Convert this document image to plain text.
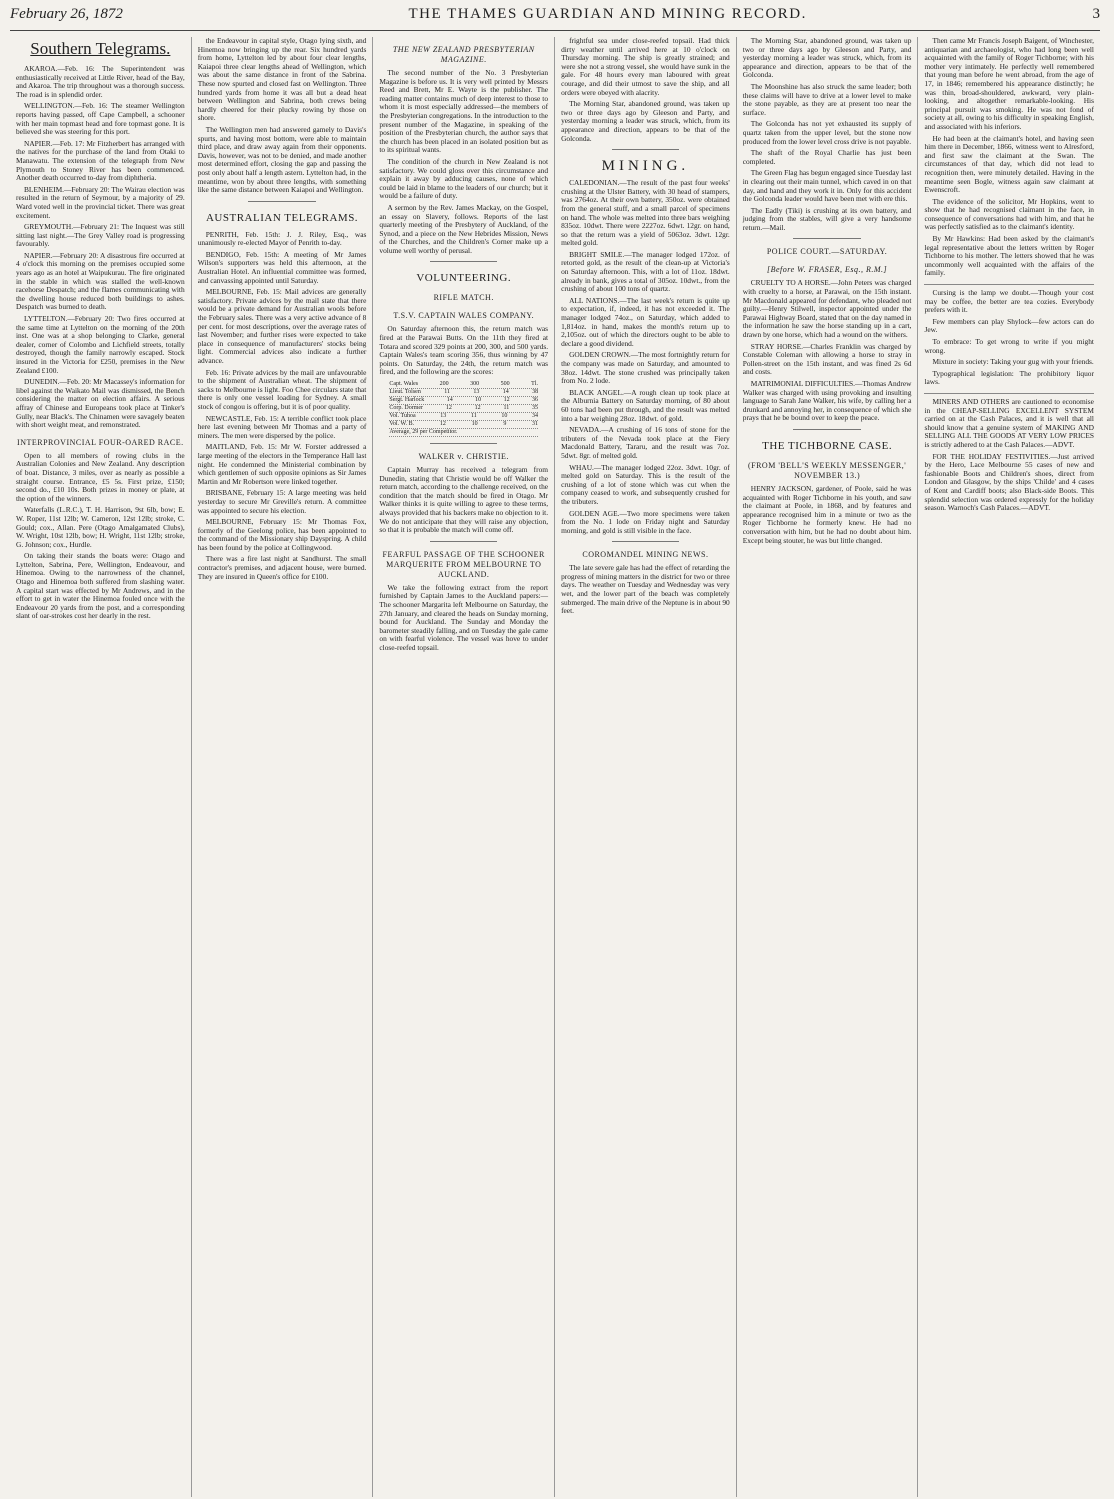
February 26, 1872	THE THAMES GUARDIAN AND MINING RECORD.	3
Southern Telegrams.

AKAROA.—Feb. 16: The Superintendent was enthusiastically received at Little River, head of the Bay, and Akaroa. The trip throughout was a thorough success. The road is in splendid order.

WELLINGTON.—Feb. 16: The steamer Wellington reports having passed, off Cape Campbell, a schooner with her main topmast head and fore topmast gone. It is believed she was steering for this port.

NAPIER.—Feb. 17: Mr Fitzherbert has arranged with the natives for the purchase of the land from Otaki to Manawatu. The extension of the telegraph from New Plymouth to Stoney River has been commenced. Another death occurred to-day from diphtheria.

BLENHEIM.—February 20: The Wairau election was resulted in the return of Seymour, by a majority of 29. Ward voted well in the provincial ticket. There was great excitement.

GREYMOUTH.—February 21: The Inquest was still sitting last night.—The Grey Valley road is progressing favourably.

NAPIER.—February 20: A disastrous fire occurred at 4 o'clock this morning on the premises occupied some years ago as an hotel at Waipukurau. The fire originated in the stable in which was stalled the well-known racehorse Despatch; and the flames communicating with the dwelling house reduced both buildings to ashes. Despatch was burned to death.

LYTTELTON.—February 20: Two fires occurred at the same time at Lyttelton on the morning of the 20th inst. One was at a shop belonging to Clarke, general dealer, corner of Colombo and Lichfield streets, totally destroyed, though the family narrowly escaped. Stock insured in the Victoria for £250, premises in the New Zealand £100.

DUNEDIN.—Feb. 20: Mr Macassey's information for libel against the Waikato Mail was dismissed, the Bench considering the matter on election affairs. A serious affray of Chinese and Europeans took place at Tinker's Gully, near Black's. The Chinamen were savagely beaten with short weight meat, and remonstrated.

INTERPROVINCIAL FOUR-OARED RACE.

Open to all members of rowing clubs in the Australian Colonies and New Zealand. Any description of boat. Distance, 3 miles, over as nearly as possible a straight course. Entrance, £5 5s. First prize, £150; second do., £10 10s. Both prizes in money or plate, at the option of the winners.

Waterfalls (L.R.C.), T. H. Harrison, 9st 6lb, bow; E. W. Roper, 11st 12lb; W. Cameron, 12st 12lb; stroke, C. Gould; cox., Allan. Pere (Otago Amalgamated Clubs), W. Wright, 10st 12lb, bow; H. Wright, 11st 12lb; stroke, G. Johnson; cox., Hurdle.

On taking their stands the boats were: Otago and Lyttelton, Sabrina, Pere, Wellington, Endeavour, and Hinemoa. Owing to the narrowness of the channel, Otago and Hinemoa both suffered from slashing water. A capital start was effected by Mr Andrews, and in the effort to get in water the Hinemoa fouled once with the Endeavour 20 yards from the post, and a corresponding slant of oar-strokes cost her dearly in the rest.

the Endeavour in capital style, Otago lying sixth, and Hinemoa now bringing up the rear. Six hundred yards from home, Lyttelton led by about four clear lengths, Kaiapoi three clear lengths ahead of Wellington, which was about the same distance in front of the Sabrina. These now spurted and closed fast on Wellington. Three hundred yards from home it was all but a dead heat between Wellington and Sabrina, both crews being hardly cheered for their plucky rowing by those on shore.

The Wellington men had answered gamely to Davis's spurts, and having most bottom, were able to maintain third place, and draw away again from their opponents. Davis, however, was not to be denied, and made another most determined effort, closing the gap and passing the post only about half a length astern. Lyttelton had, in the meantime, won by about three lengths, with something like the same distance between Kaiapoi and Wellington.

AUSTRALIAN TELEGRAMS.

PENRITH, Feb. 15th: J. J. Riley, Esq., was unanimously re-elected Mayor of Penrith to-day.

BENDIGO, Feb. 15th: A meeting of Mr James Wilson's supporters was held this afternoon, at the Australian Hotel. An influential committee was formed, and canvassing appointed until Saturday.

MELBOURNE, Feb. 15: Mail advices are generally satisfactory. Private advices by the mail state that there would be a private demand for Australian wools before the February sales. There was a very active advance of 8 per cent. for most descriptions, over the average rates of last November; and further rises were expected to take place in consequence of manufacturers' stocks being light. Commercial advices also indicate a further advance.

Feb. 16: Private advices by the mail are unfavourable to the shipment of Australian wheat. The shipment of sacks to Melbourne is light. Foo Chee circulars state that there is only one vessel loading for Sydney. A small stock of congou is offering, but it is of poor quality.

NEWCASTLE, Feb. 15: A terrible conflict took place here last evening between Mr Thomas and a party of miners. The men were dispersed by the police.

MAITLAND, Feb. 15: Mr W. Forster addressed a large meeting of the electors in the Temperance Hall last night. He condemned the Ministerial combination by which gentlemen of such opposite opinions as Sir James Martin and Mr Robertson were linked together.

BRISBANE, February 15: A large meeting was held yesterday to secure Mr Greville's return. A committee was appointed to secure his election.

MELBOURNE, February 15: Mr Thomas Fox, formerly of the Geelong police, has been appointed to the command of the Missionary ship Dayspring. A child has been found by the police at Collingwood.

There was a fire last night at Sandhurst. The small contractor's premises, and adjacent house, were burned. They are insured in Queen's office for £100.

THE NEW ZEALAND PRESBYTERIAN MAGAZINE.

The second number of the No. 3 Presbyterian Magazine is before us. It is very well printed by Messrs Reed and Brett, Mr E. Wayte is the publisher. The reading matter contains much of deep interest to those to whom it is most especially addressed—the members of the Presbyterian congregations. In the introduction to the present number of the Magazine, in speaking of the position of the Presbyterian church, the author says that the church has been placed in an isolated position but as to its spiritual wants.

The condition of the church in New Zealand is not satisfactory. We could gloss over this circumstance and explain it away by adducing causes, none of which could be laid in blame to the leaders of our church; but it would be a failure of duty.

A sermon by the Rev. James Mackay, on the Gospel, an essay on Slavery, follows. Reports of the last quarterly meeting of the Presbytery of Auckland, of the Synod, and a piece on the New Hebrides Mission, News of the Churches, and the Children's Corner make up a volume well worthy of perusal.

VOLUNTEERING.
RIFLE MATCH.
T.S.V. CAPTAIN WALES COMPANY.

On Saturday afternoon this, the return match was fired at the Parawai Butts. On the 11th they fired at Totara and scored 329 points at 200, 300, and 500 yards. Captain Wales's team scoring 356, thus winning by 47 points. On Saturday, the 24th, the return match was fired, and the following are the scores:

Capt. Wales	200	300	500	Tl.
Lieut. Tolsen	11	13	14	38
Sergt. Harlock	14	10	12	36
Corp. Dormer	12	12	11	35
Vol. Tuhoa	13	11	10	34
Vol. W. B.	12	10	9	31
Average, 29 per Competitor.
WALKER v. CHRISTIE.

Captain Murray has received a telegram from Dunedin, stating that Christie would be off Walker the return match, according to the challenge received, on the condition that the match should be fired in Otago. Mr Walker thinks it is quite willing to agree to these terms, always provided that his backers make no objection to it. We do not anticipate that they will raise any objection, so that it is probable the match will come off.

FEARFUL PASSAGE OF THE SCHOONER MARQUERITE FROM MELBOURNE TO AUCKLAND.

We take the following extract from the report furnished by Captain James to the Auckland papers:—The schooner Margarita left Melbourne on Saturday, the 27th January, and cleared the heads on Sunday morning, bound for Auckland. The Sunday and Monday the barometer steadily falling, and on Tuesday the gale came on with fearful violence. The vessel was hove to under close-reefed topsail.

frightful sea under close-reefed topsail. Had thick dirty weather until arrived here at 10 o'clock on Thursday morning. The ship is greatly strained; and were she not a strong vessel, she would have sunk in the gale. For 48 hours every man laboured with great courage, and did their utmost to save the ship, and all orders were obeyed with alacrity.

The Morning Star, abandoned ground, was taken up two or three days ago by Gleeson and Party, and yesterday morning a leader was struck, which, from its appearance and direction, appears to be that of the Golconda.

MINING.

CALEDONIAN.—The result of the past four weeks' crushing at the Ulster Battery, with 30 head of stampers, was 2764oz. At their own battery, 350oz. were obtained from the general stuff, and a small parcel of specimens on hand. The whole was melted into three bars weighing 835oz. 10dwt. There were 2227oz. 6dwt. 12gr. on hand, so that the return was a yield of 5063oz. 3dwt. 12gr. melted gold.

BRIGHT SMILE.—The manager lodged 172oz. of retorted gold, as the result of the clean-up at Victoria's on Saturday afternoon. This, with a lot of 11oz. 18dwt. already in bank, gives a total of 305oz. 10dwt., from the crushing of about 100 tons of quartz.

ALL NATIONS.—The last week's return is quite up to expectation, if, indeed, it has not exceeded it. The manager lodged 74oz., on Saturday, which added to 1,814oz. in hand, makes the month's return up to 2,105oz. out of which the directors ought to be able to declare a good dividend.

GOLDEN CROWN.—The most fortnightly return for the company was made on Saturday, and amounted to 38oz. 14dwt. The stone crushed was principally taken from No. 2 lode.

BLACK ANGEL.—A rough clean up took place at the Alburnia Battery on Saturday morning, of 80 about 60 tons had been put through, and the result was melted into a bar weighing 28oz. 18dwt. of gold.

NEVADA.—A crushing of 16 tons of stone for the tributers of the Nevada took place at the Fiery Macdonald Battery, Tararu, and the result was 7oz. 5dwt. 8gr. of melted gold.

WHAU.—The manager lodged 22oz. 3dwt. 10gr. of melted gold on Saturday. This is the result of the crushing of a lot of stone which was cut when the company ceased to work, and subsequently crushed for the tributers.

GOLDEN AGE.—Two more specimens were taken from the No. 1 lode on Friday night and Saturday morning, and gold is still visible in the face.

COROMANDEL MINING NEWS.

The late severe gale has had the effect of retarding the progress of mining matters in the district for two or three days. The weather on Tuesday and Wednesday was very wet, and the lower part of the beach was completely submerged. The main drive of the Neptune is in about 90 feet.

The Morning Star, abandoned ground, was taken up two or three days ago by Gleeson and Party, and yesterday morning a leader was struck, which, from its appearance and direction, appears to be that of the Golconda.

The Moonshine has also struck the same leader; both these claims will have to drive at a lower level to make the stone payable, as they are at present too near the surface.

The Golconda has not yet exhausted its supply of quartz taken from the upper level, but the stone now produced from the lower level cross drive is not payable.

The shaft of the Royal Charlie has just been completed.

The Green Flag has begun engaged since Tuesday last in clearing out their main tunnel, which caved in on that day, and hand and they work it in. Only for this accident the Golconda leader would have been met with ere this.

The Eadly (Tiki) is crushing at its own battery, and judging from the stables, will give a very handsome return.—Mail.

POLICE COURT.—SATURDAY.
[Before W. FRASER, Esq., R.M.]

CRUELTY TO A HORSE.—John Peters was charged with cruelty to a horse, at Parawai, on the 15th instant. Mr Macdonald appeared for defendant, who pleaded not guilty.—Henry Stilwell, inspector appointed under the Parawai Highway Board, stated that on the day named in the information he saw the horse standing up in a cart, drawn by one horse, which had a wound on the withers.

STRAY HORSE.—Charles Franklin was charged by Constable Coleman with allowing a horse to stray in Pollen-street on the 15th instant, and was fined 2s 6d and costs.

MATRIMONIAL DIFFICULTIES.—Thomas Andrew Walker was charged with using provoking and insulting language to Sarah Jane Walker, his wife, by calling her a drunkard and annoying her, in consequence of which she prays that he be bound over to keep the peace.

THE TICHBORNE CASE.
(FROM 'BELL'S WEEKLY MESSENGER,' NOVEMBER 13.)

HENRY JACKSON, gardener, of Poole, said he was acquainted with Roger Tichborne in his youth, and saw the claimant at Poole, in 1868, and by features and appearance recognised him in a minute or two as the Roger Tichborne he formerly knew. He had no conversation with him, but he had no doubt about him. Except being stouter, he was but little changed.

Then came Mr Francis Joseph Baigent, of Winchester, antiquarian and archaeologist, who had long been well acquainted with the family of Roger Tichborne; with his mother very intimately. He perfectly well remembered that young man before he went abroad, from the age of 17, in 1846; remembered his appearance distinctly; he was thin, broad-shouldered, awkward, very plain-looking, and altogether remarkable-looking. His principal pursuit was smoking. He was not fond of society at all, owing to his difficulty in speaking English, and associated with his inferiors.

He had been at the claimant's hotel, and having seen him there in December, 1866, witness went to Alresford, and first saw the claimant at the Swan. The circumstances of that day, which did not lead to recognition then, were minutely detailed. Having in the meantime seen Bogle, witness again saw claimant at Ewenscroft.

The evidence of the solicitor, Mr Hopkins, went to show that he had recognised claimant in the face, in consequence of conversations had with him, and that he was perfectly satisfied as to the claimant's identity.

By Mr Hawkins: Had been asked by the claimant's legal representative about the letters written by Roger Tichborne to his mother. The letters showed that he was uncommonly well acquainted with the affairs of the family.

Cursing is the lamp we doubt.—Though your cost may be coffee, the better are tea cozies. Everybody prefers with it.

Few members can play Shylock—few actors can do Jew.

To embrace: To get wrong to write if you might wrong.

Mixture in society: Taking your gug with your friends.

Typographical legislation: The prohibitory liquor laws.

MINERS AND OTHERS are cautioned to economise in the CHEAP-SELLING EXCELLENT SYSTEM carried on at the Cash Palaces, and it is well that all should know that a genuine system of MAKING AND SELLING ALL THE GOODS AT VERY LOW PRICES is strictly adhered to at the Cash Palaces.—ADVT.

FOR THE HOLIDAY FESTIVITIES.—Just arrived by the Hero, Lace Melbourne 55 cases of new and fashionable Boots and Children's shoes, direct from London and Glasgow, by the ships 'Childe' and 4 cases of Kent and Cardiff boots; also Black-side Boots. This splendid selection was ordered expressly for the holiday season. Warnoch's Cash Palaces.—ADVT.
